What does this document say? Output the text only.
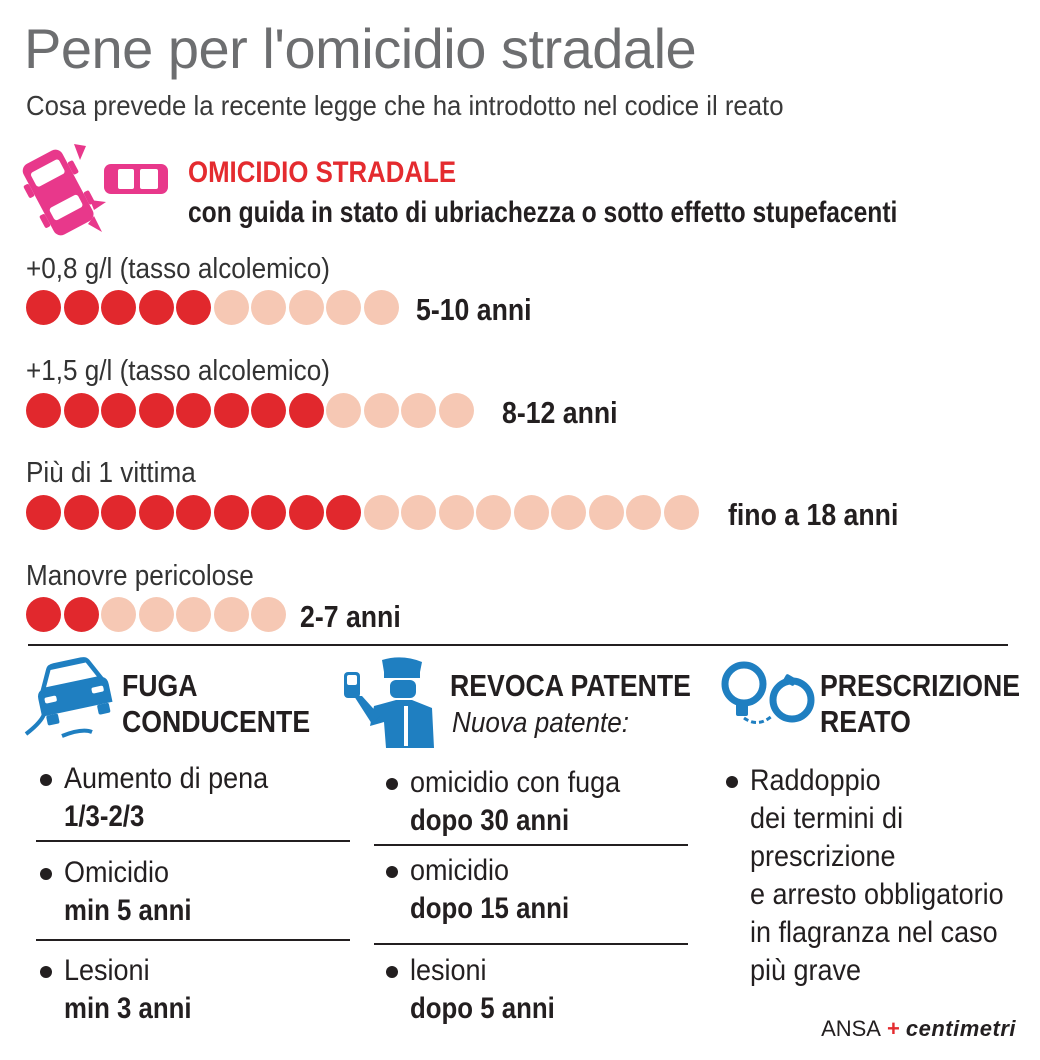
Pene per l'omicidio stradale
Cosa prevede la recente legge che ha introdotto nel codice il reato
OMICIDIO STRADALE
con guida in stato di ubriachezza o sotto effetto stupefacenti
+0,8 g/l (tasso alcolemico)
5-10 anni
+1,5 g/l (tasso alcolemico)
8-12 anni
Più di 1 vittima
fino a 18 anni
Manovre pericolose
2-7 anni
FUGA
CONDUCENTE
Aumento di pena
1/3-2/3
Omicidio
min 5 anni
Lesioni
min 3 anni
REVOCA PATENTE
Nuova patente:
omicidio con fuga
dopo 30 anni
omicidio
dopo 15 anni
lesioni
dopo 5 anni
PRESCRIZIONE
REATO
Raddoppio
dei termini di
prescrizione
e arresto obbligatorio
in flagranza nel caso
più grave
ANSA + centimetri
